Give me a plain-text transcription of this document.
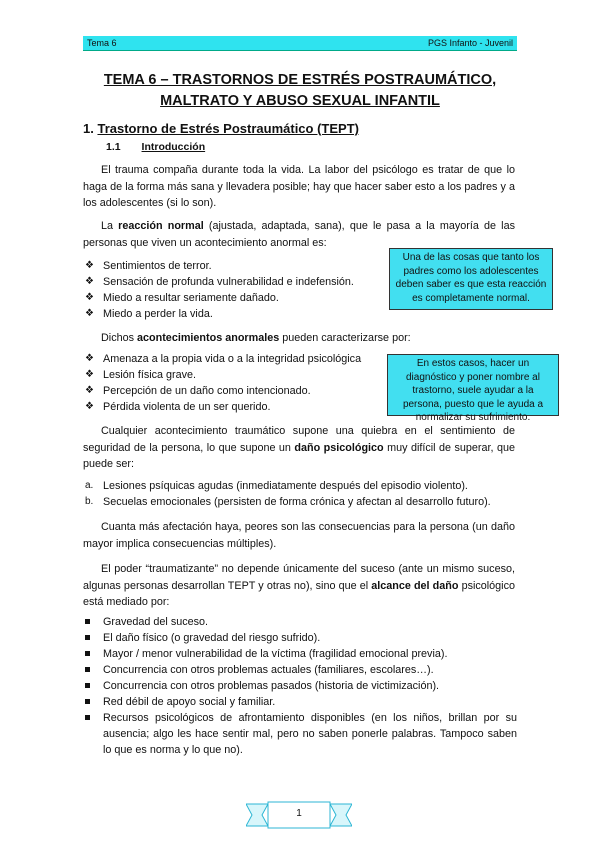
Tema 6	PGS Infanto - Juvenil
TEMA 6 – TRASTORNOS DE ESTRÉS POSTRAUMÁTICO,
MALTRATO Y ABUSO SEXUAL INFANTIL
1. Trastorno de Estrés Postraumático (TEPT)
1.1 Introducción
El trauma compaña durante toda la vida. La labor del psicólogo es tratar de que lo haga de la forma más sana y llevadera posible; hay que hacer saber esto a los padres y a los adolescentes (si lo son).
La reacción normal (ajustada, adaptada, sana), que le pasa a la mayoría de las personas que viven un acontecimiento anormal es:
❖ Sentimientos de terror.
❖ Sensación de profunda vulnerabilidad e indefensión.
❖ Miedo a resultar seriamente dañado.
❖ Miedo a perder la vida.
Una de las cosas que tanto los padres como los adolescentes deben saber es que esta reacción es completamente normal.
Dichos acontecimientos anormales pueden caracterizarse por:
❖ Amenaza a la propia vida o a la integridad psicológica
❖ Lesión física grave.
❖ Percepción de un daño como intencionado.
❖ Pérdida violenta de un ser querido.
En estos casos, hacer un diagnóstico y poner nombre al trastorno, suele ayudar a la persona, puesto que le ayuda a normalizar su sufrimiento.
Cualquier acontecimiento traumático supone una quiebra en el sentimiento de seguridad de la persona, lo que supone un daño psicológico muy difícil de superar, que puede ser:
a. Lesiones psíquicas agudas (inmediatamente después del episodio violento).
b. Secuelas emocionales (persisten de forma crónica y afectan al desarrollo futuro).
Cuanta más afectación haya, peores son las consecuencias para la persona (un daño mayor implica consecuencias múltiples).
El poder “traumatizante” no depende únicamente del suceso (ante un mismo suceso, algunas personas desarrollan TEPT y otras no), sino que el alcance del daño psicológico está mediado por:
Gravedad del suceso.
El daño físico (o gravedad del riesgo sufrido).
Mayor / menor vulnerabilidad de la víctima (fragilidad emocional previa).
Concurrencia con otros problemas actuales (familiares, escolares…).
Concurrencia con otros problemas pasados (historia de victimización).
Red débil de apoyo social y familiar.
Recursos psicológicos de afrontamiento disponibles (en los niños, brillan por su ausencia; algo les hace sentir mal, pero no saben ponerle palabras. Tampoco saben lo que es norma y lo que no).
1
